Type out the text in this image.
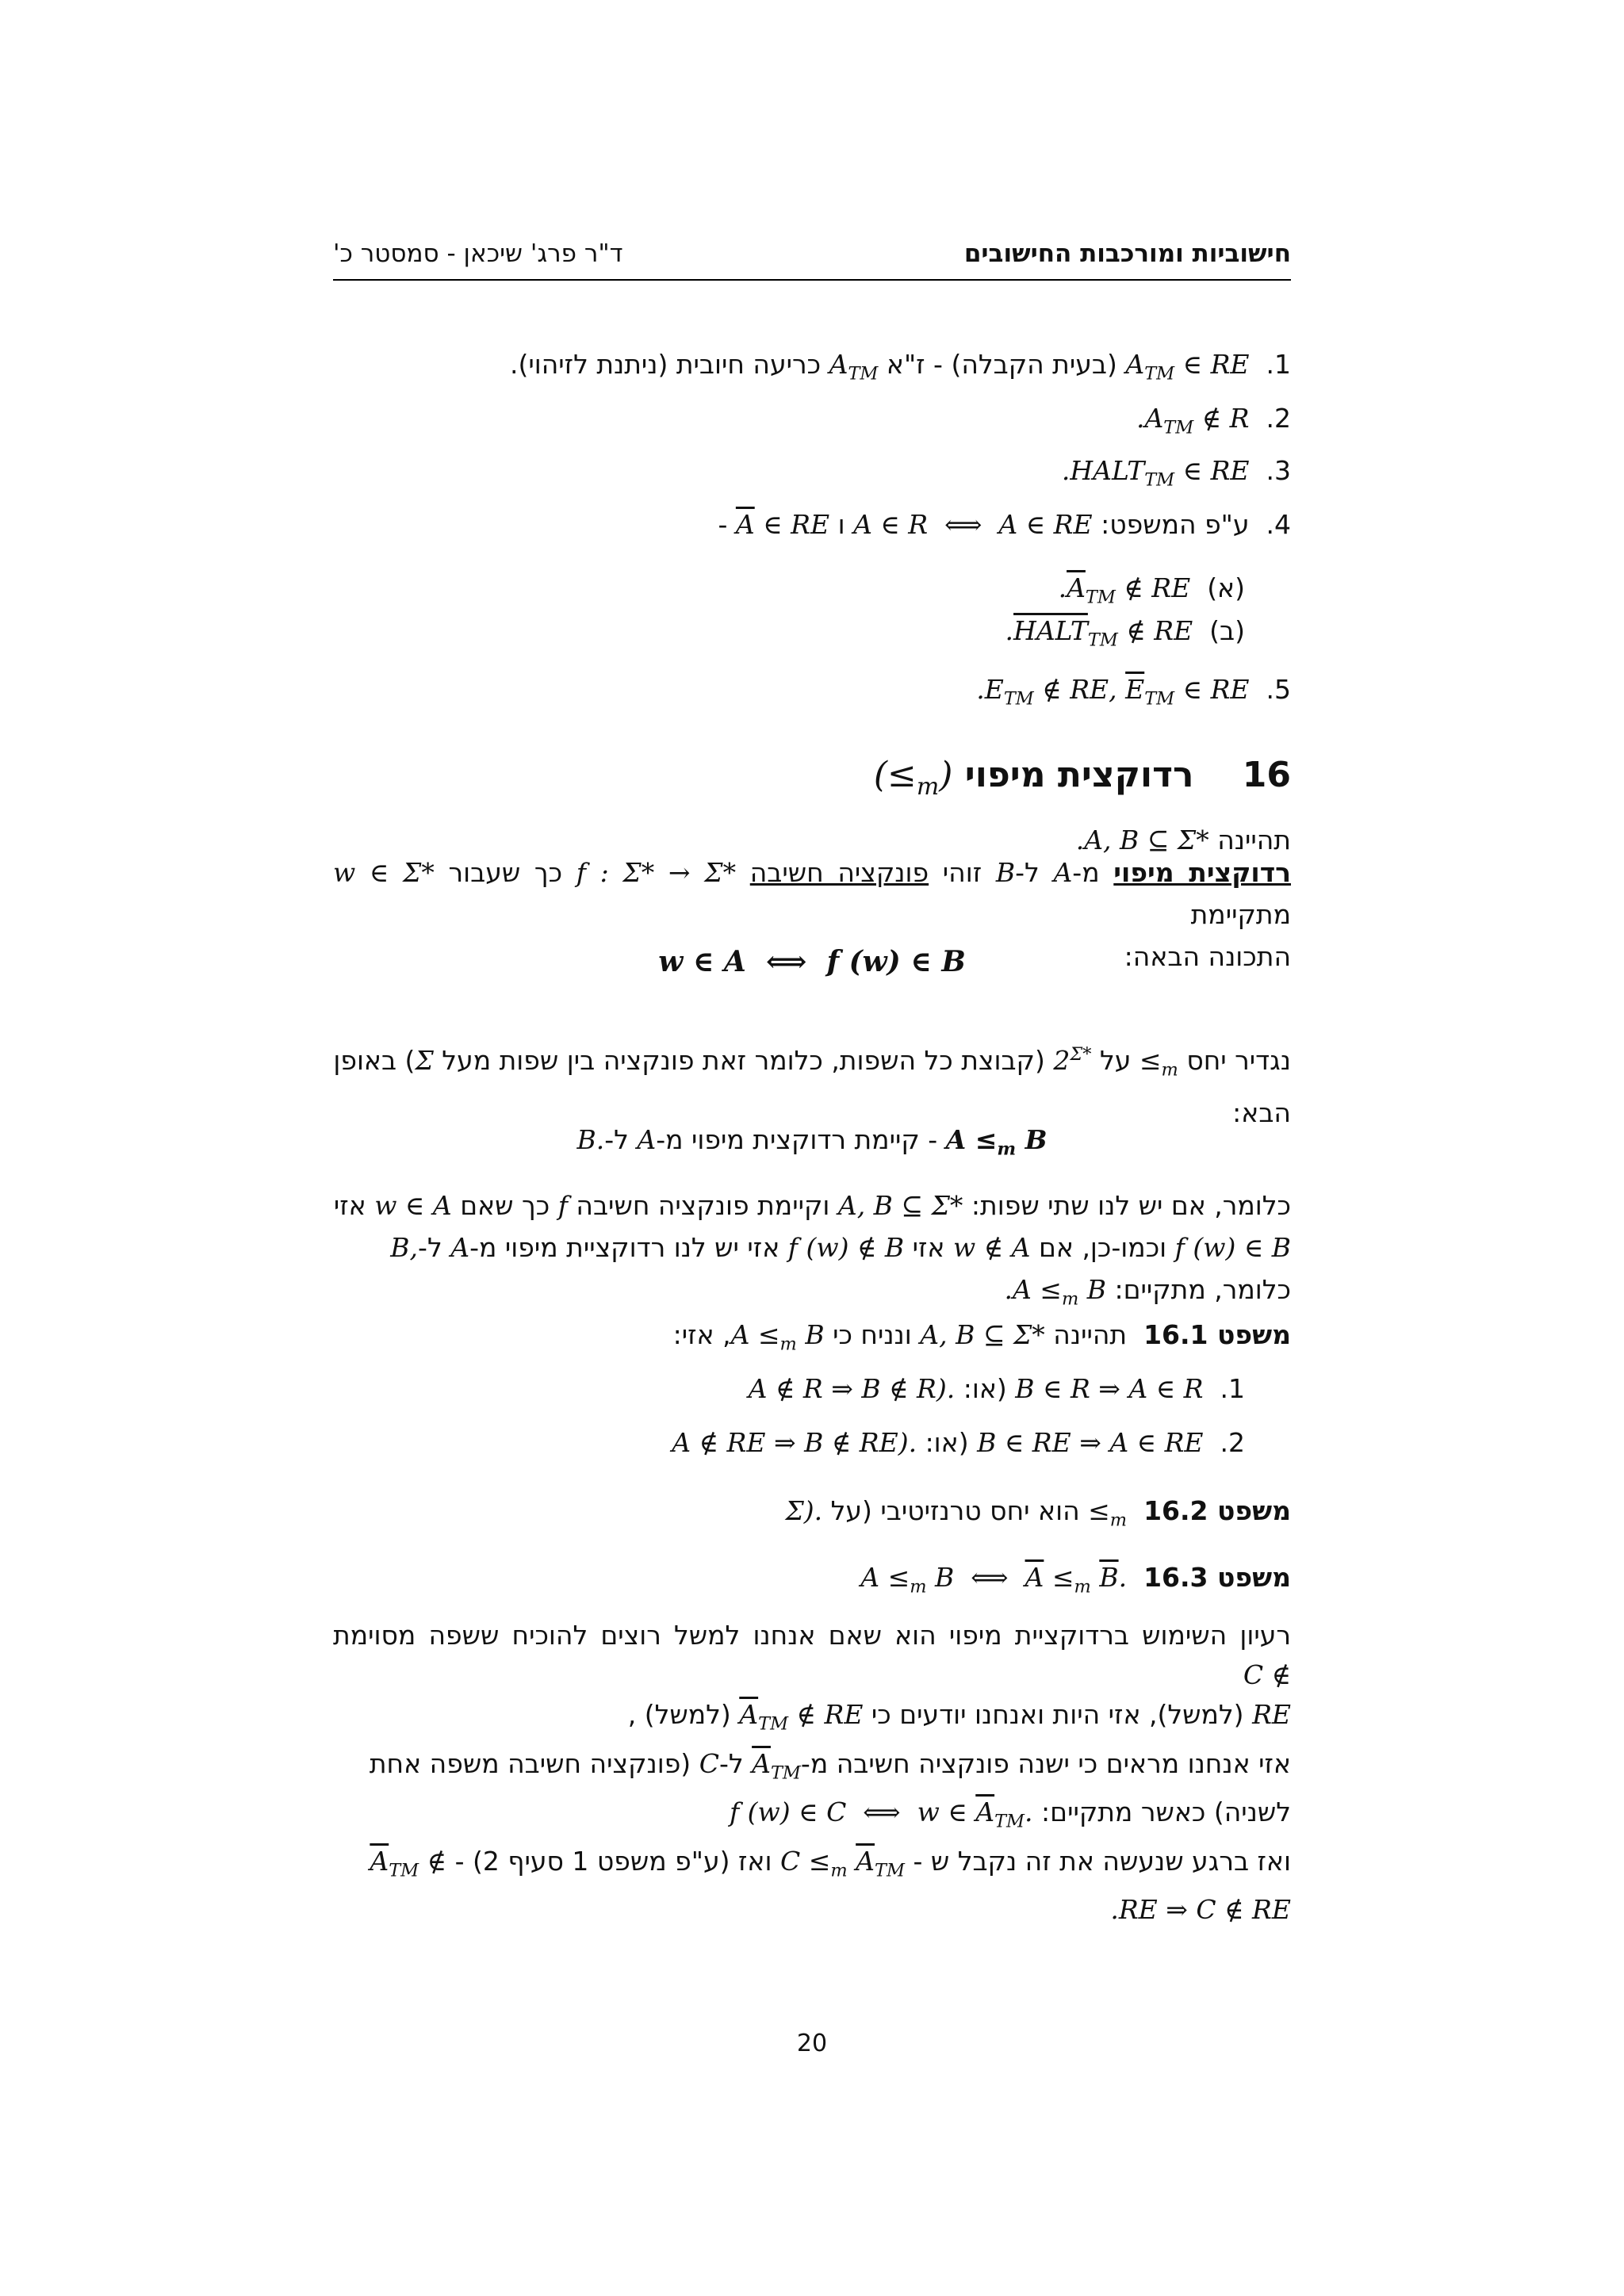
חישוביות ומורכבות החישובים
ד"ר פרג' שיכאן - סמסטר כ'
1.  $A_{TM}$ ∈ RE (בעית הקבלה) - ז"א $A_{TM}$ כריעה חיובית (ניתנת לזיהוי).
2.  $.A_{TM}$ ∉ R
3.  $.HALT_{TM}$ ∈ RE
4.  ע"פ המשפט: A ∈ R  ⟺  A ∈ RE ו $\overline{A}$ ∈ RE -
(א)  $.\overline{A}_{TM}$ ∉ RE
(ב)  $.HALT_{TM}$ ∉ RE
5.  $.E_{TM}$ ∉ RE, $\overline{E}_{TM}$ ∈ RE
16    רדוקצית מיפוי $(\le_m)$
תהיינה .A, B ⊆ Σ*
רדוקצית מיפוי מ-A ל-B זוהי פונקציה חשיבה f : Σ* → Σ* כך שעבור w ∈ Σ* מתקיימת
התכונה הבאה:
w ∈ A  ⟺  f (w) ∈ B
נגדיר יחס $\le_m$ על $2^{\Sigma*}$ (קבוצת כל השפות, כלומר זאת פונקציה בין שפות מעל Σ) באופן
הבא:
$A \le_m$ B - קיימת רדוקצית מיפוי מ-A ל-B.
כלומר, אם יש לנו שתי שפות: A, B ⊆ Σ* וקיימת פונקציה חשיבה f כך שאם w ∈ A אזי
f (w) ∈ B וכמו-כן, אם w ∉ A אזי f (w) ∉ B אזי יש לנו רדוקציית מיפוי מ-A ל-B,
כלומר, מתקיים: $.A \le_m$ B
משפט 16.1  תהיינה A, B ⊆ Σ* ונניח כי $A \le_m$ B, אזי:
1.  B ∈ R ⇒ A ∈ R (או: A ∉ R ⇒ B ∉ R).
2.  B ∈ RE ⇒ A ∈ RE (או: A ∉ RE ⇒ B ∉ RE).
משפט $16.2 \le_m$ הוא יחס טרנזיטיבי (על Σ).
משפט 16.3  $A \le_m$ B  ⟺  $\overline{A} \le_m$ $\overline{B}$.
רעיון השימוש ברדוקציית מיפוי הוא שאם אנחנו למשל רוצים להוכיח ששפה מסוימת C ∉
RE (למשל), אזי היות ואנחנו יודעים כי $\overline{A}_{TM}$ ∉ RE (למשל) ,
אזי אנחנו מראים כי ישנה פונקציה חשיבה $מ-\overline{A}_{TM}$ ל-C (פונקציה חשיבה משפה אחת
לשניה) כאשר מתקיים: f (w) ∈ C  ⟺  w ∈ $\overline{A}_{TM}$.
ואז ברגע שנעשה את זה נקבל ש - $C \le_m$ $\overline{A}_{TM}$ ואז (ע"פ משפט 1 סעיף $2) - \overline{A}_{TM}$ ∉
.RE ⇒ C ∉ RE
20
